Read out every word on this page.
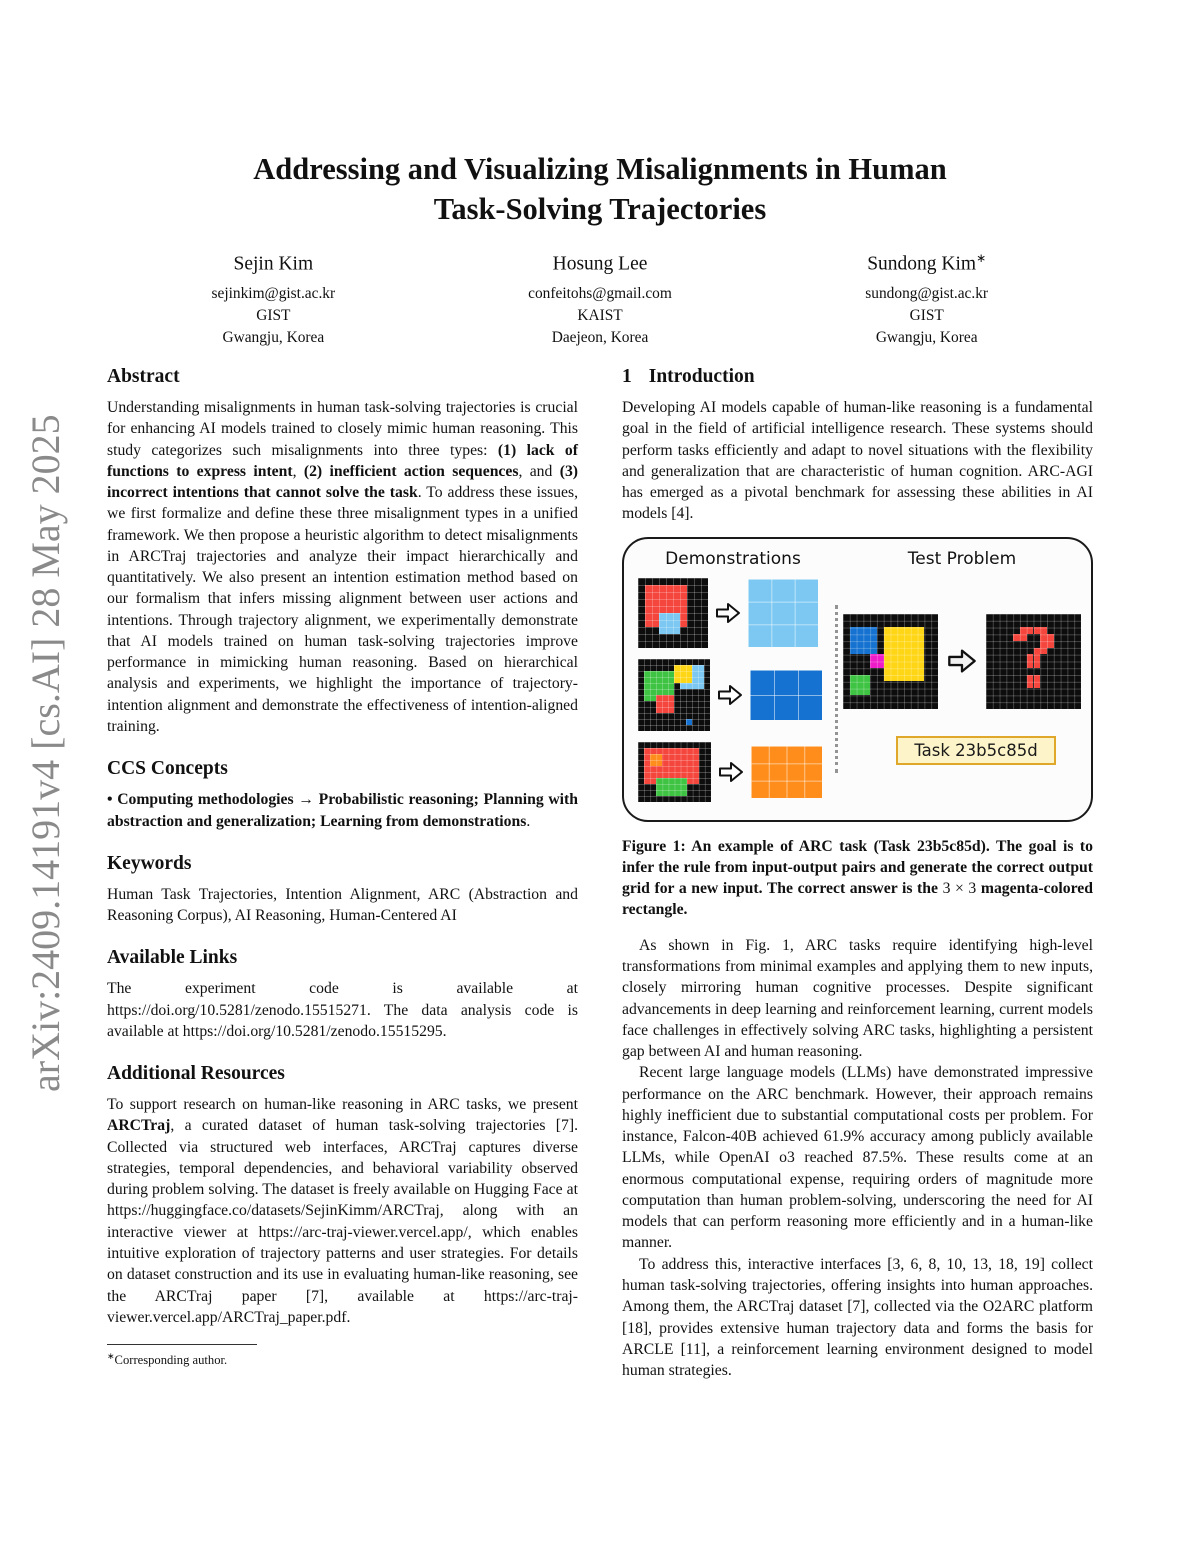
arXiv:2409.14191v4 [cs.AI] 28 May 2025
Addressing and Visualizing Misalignments in Human
Task-Solving Trajectories
Sejin Kim
sejinkim@gist.ac.kr
GIST
Gwangju, Korea
Hosung Lee
confeitohs@gmail.com
KAIST
Daejeon, Korea
Sundong Kim∗
sundong@gist.ac.kr
GIST
Gwangju, Korea
Abstract

Understanding misalignments in human task-solving trajectories is crucial for enhancing AI models trained to closely mimic human reasoning. This study categorizes such misalignments into three types: (1) lack of functions to express intent, (2) inefficient action sequences, and (3) incorrect intentions that cannot solve the task. To address these issues, we first formalize and define these three misalignment types in a unified framework. We then propose a heuristic algorithm to detect misalignments in ARCTraj trajectories and analyze their impact hierarchically and quantitatively. We also present an intention estimation method based on our formalism that infers missing alignment between user actions and intentions. Through trajectory alignment, we experimentally demonstrate that AI models trained on human task-solving trajectories improve performance in mimicking human reasoning. Based on hierarchical analysis and experiments, we highlight the importance of trajectory-intention alignment and demonstrate the effectiveness of intention-aligned training.

CCS Concepts

• Computing methodologies → Probabilistic reasoning; Planning with abstraction and generalization; Learning from demonstrations.

Keywords

Human Task Trajectories, Intention Alignment, ARC (Abstraction and Reasoning Corpus), AI Reasoning, Human-Centered AI

Available Links

The experiment code is available at https://doi.org/10.5281/zenodo.15515271. The data analysis code is available at https://doi.org/10.5281/zenodo.15515295.

Additional Resources

To support research on human-like reasoning in ARC tasks, we present ARCTraj, a curated dataset of human task-solving trajectories [7]. Collected via structured web interfaces, ARCTraj captures diverse strategies, temporal dependencies, and behavioral variability observed during problem solving. The dataset is freely available on Hugging Face at https://huggingface.co/datasets/SejinKimm/ARCTraj, along with an interactive viewer at https://arc-traj-viewer.vercel.app/, which enables intuitive exploration of trajectory patterns and user strategies. For details on dataset construction and its use in evaluating human-like reasoning, see the ARCTraj paper [7], available at https://arc-traj-viewer.vercel.app/ARCTraj_paper.pdf.

∗Corresponding author.

1 Introduction

Developing AI models capable of human-like reasoning is a fundamental goal in the field of artificial intelligence research. These systems should perform tasks efficiently and adapt to novel situations with the flexibility and generalization that are characteristic of human cognition. ARC-AGI has emerged as a pivotal benchmark for assessing these abilities in AI models [4].

Demonstrations	Test Problem
Task 23b5c85d

Figure 1: An example of ARC task (Task 23b5c85d). The goal is to infer the rule from input-output pairs and generate the correct output grid for a new input. The correct answer is the 3 × 3 magenta-colored rectangle.

As shown in Fig. 1, ARC tasks require identifying high-level transformations from minimal examples and applying them to new inputs, closely mirroring human cognitive processes. Despite significant advancements in deep learning and reinforcement learning, current models face challenges in effectively solving ARC tasks, highlighting a persistent gap between AI and human reasoning.

Recent large language models (LLMs) have demonstrated impressive performance on the ARC benchmark. However, their approach remains highly inefficient due to substantial computational costs per problem. For instance, Falcon-40B achieved 61.9% accuracy among publicly available LLMs, while OpenAI o3 reached 87.5%. These results come at an enormous computational expense, requiring orders of magnitude more computation than human problem-solving, underscoring the need for AI models that can perform reasoning more efficiently and in a human-like manner.

To address this, interactive interfaces [3, 6, 8, 10, 13, 18, 19] collect human task-solving trajectories, offering insights into human approaches. Among them, the ARCTraj dataset [7], collected via the O2ARC platform [18], provides extensive human trajectory data and forms the basis for ARCLE [11], a reinforcement learning environment designed to model human strategies.
